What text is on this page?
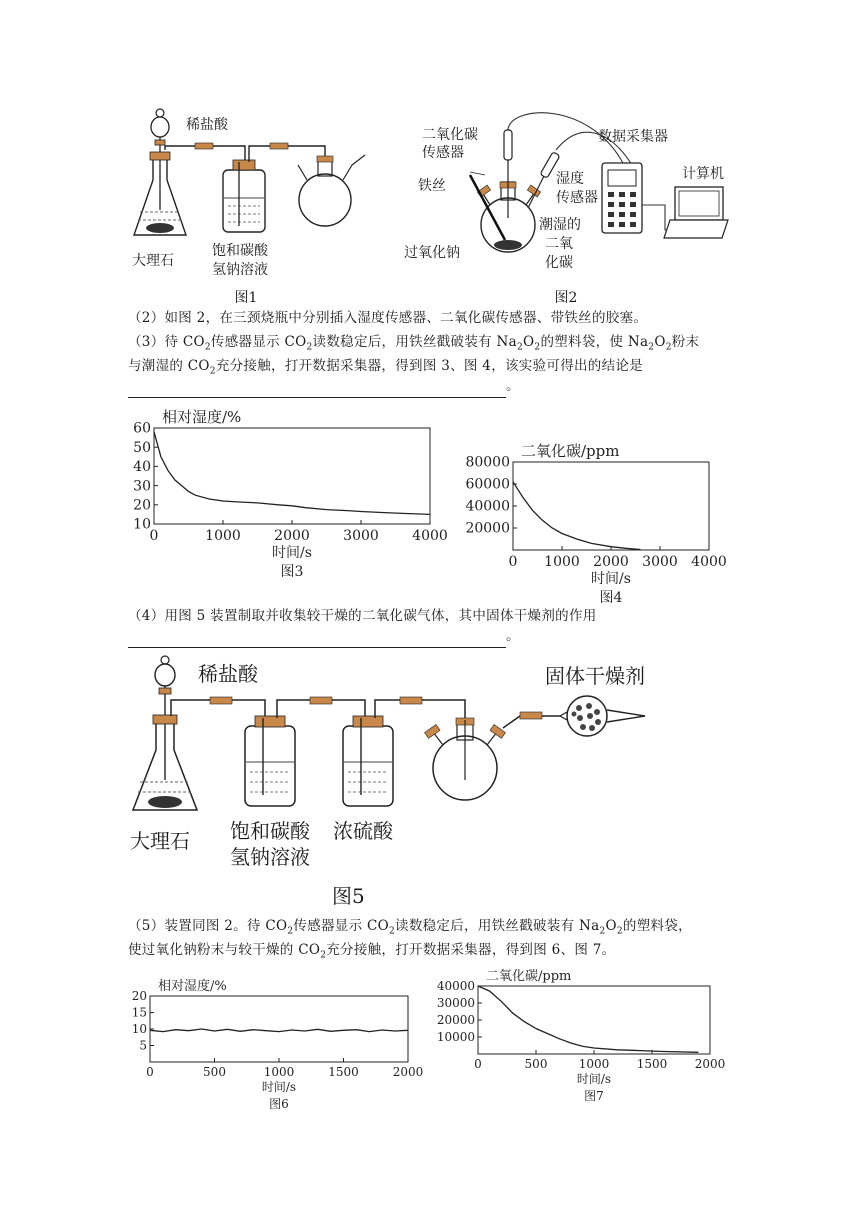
稀盐酸
大理石
饱和碳酸
氢钠溶液
图1
二氧化碳
传感器
数据采集器
湿度
传感器
计算机
铁丝
潮湿的
二氧
化碳
过氧化钠
图2
（2）如图 2，在三颈烧瓶中分别插入湿度传感器、二氧化碳传感器、带铁丝的胶塞。
（3）待 $CO_2$传感器显示 $CO_2$读数稳定后，用铁丝戳破装有 $Na_2O_2$的塑料袋，使 $Na_2O_2$粉末
与潮湿的 $CO_2$充分接触，打开数据采集器，得到图 3、图 4，该实验可得出的结论是
。
0	1000 2000 3000 4000
10
20
30
40
50
60
相对湿度/%
时间/s
图3
0 1000 2000 3000 4000
20000
40000
60000
80000
二氧化碳/ppm
时间/s
图4
（4）用图 5 装置制取并收集较干燥的二氧化碳气体，其中固体干燥剂的作用
。
稀盐酸	固体干燥剂
大理石 饱和碳酸
氢钠溶液
浓硫酸
图5
（5）装置同图 2。待 $CO_2$传感器显示 $CO_2$读数稳定后，用铁丝戳破装有 $Na_2O_2$的塑料袋，
使过氧化钠粉末与较干燥的 $CO_2$充分接触，打开数据采集器，得到图 6、图 7。
0	500	1000	1500	2000
5
10
15
20
相对湿度/%
时间/s
图6
0	500	1000 1500 2000
10000
20000
30000
40000
二氧化碳/ppm
时间/s
图7
